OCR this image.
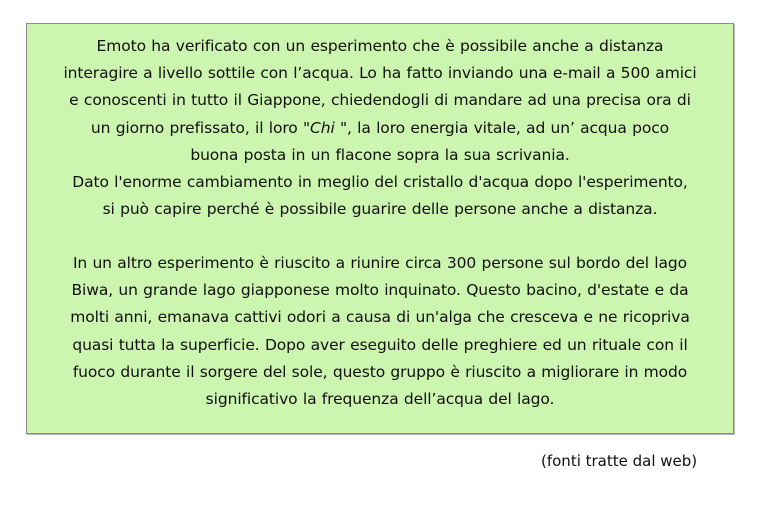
Emoto ha verificato con un esperimento che è possibile anche a distanza
interagire a livello sottile con l’acqua. Lo ha fatto inviando una e-mail a 500 amici
e conoscenti in tutto il Giappone, chiedendogli di mandare ad una precisa ora di
un giorno prefissato, il loro "Chi ", la loro energia vitale, ad un’ acqua poco
buona posta in un flacone sopra la sua scrivania.
Dato l'enorme cambiamento in meglio del cristallo d'acqua dopo l'esperimento,
si può capire perché è possibile guarire delle persone anche a distanza.

In un altro esperimento è riuscito a riunire circa 300 persone sul bordo del lago
Biwa, un grande lago giapponese molto inquinato. Questo bacino, d'estate e da
molti anni, emanava cattivi odori a causa di un'alga che cresceva e ne ricopriva
quasi tutta la superficie. Dopo aver eseguito delle preghiere ed un rituale con il
fuoco durante il sorgere del sole, questo gruppo è riuscito a migliorare in modo
significativo la frequenza dell’acqua del lago.

(fonti tratte dal web)
